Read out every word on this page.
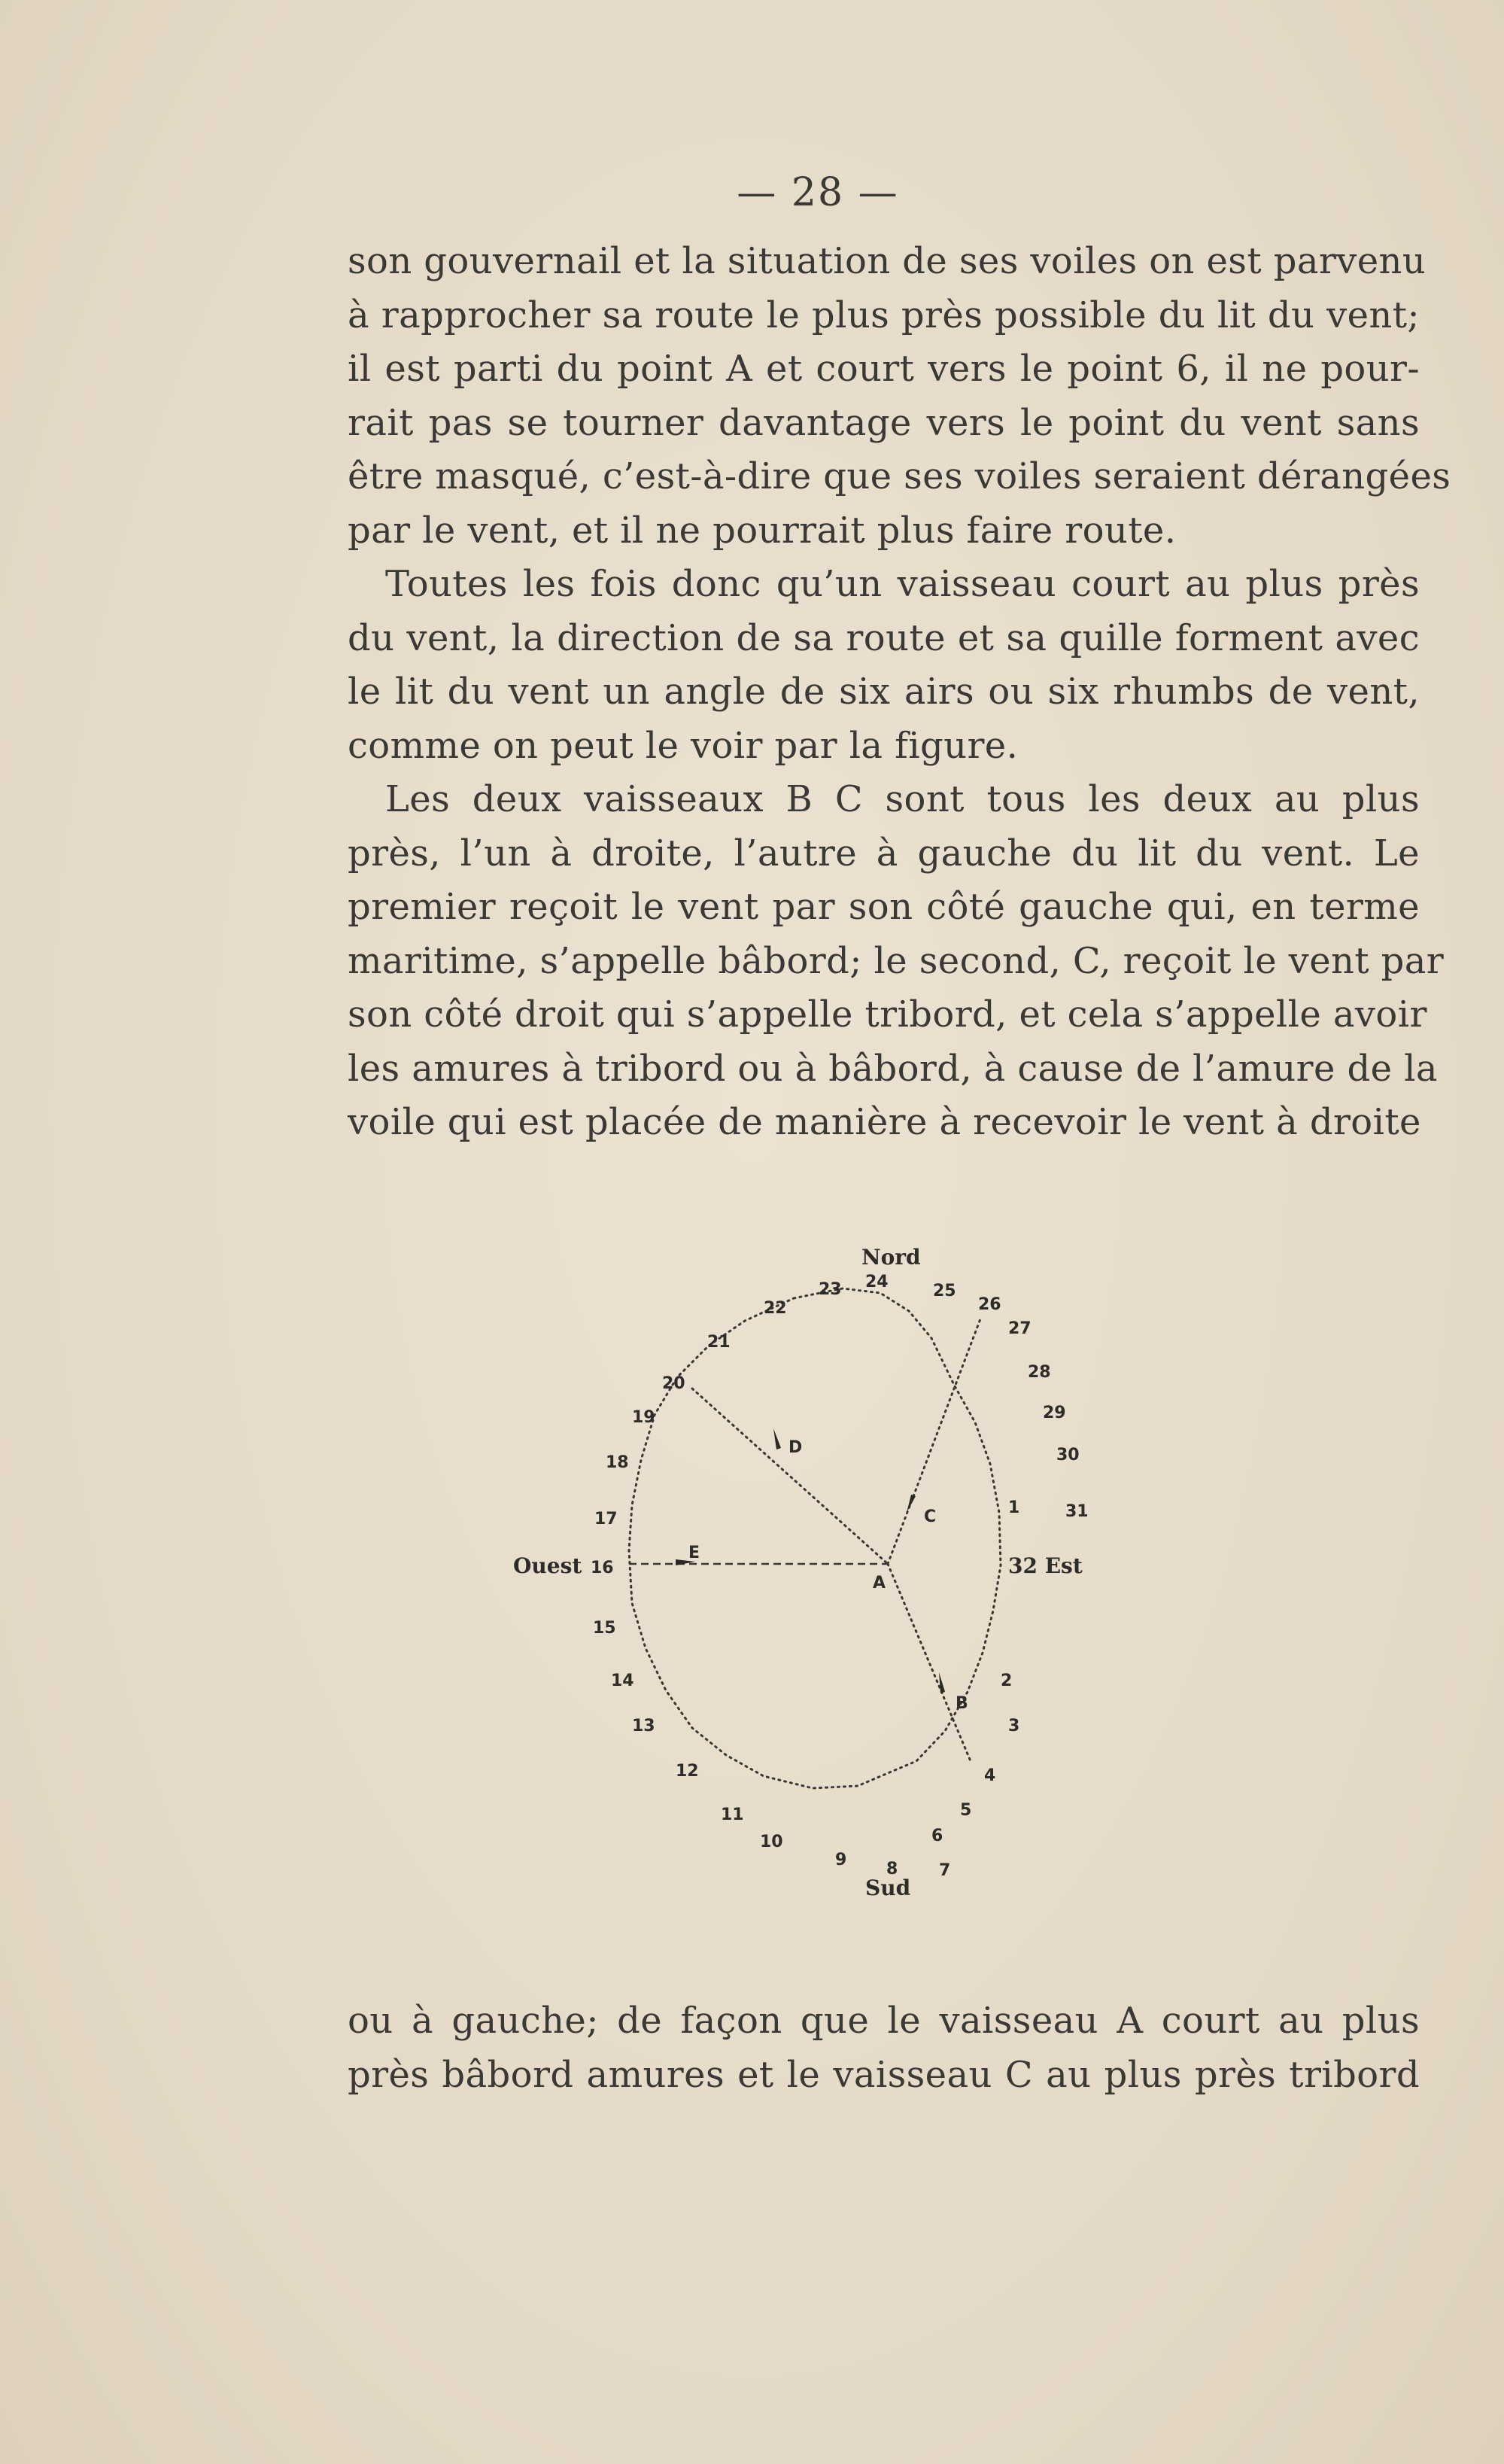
— 28 —
son gouvernail et la situation de ses voiles on est parvenu
à rapprocher sa route le plus près possible du lit du vent;
il est parti du point A et court vers le point 6, il ne pour-
rait pas se tourner davantage vers le point du vent sans
être masqué, c’est-à-dire que ses voiles seraient dérangées
par le vent, et il ne pourrait plus faire route.
Toutes les fois donc qu’un vaisseau court au plus près
du vent, la direction de sa route et sa quille forment avec
le lit du vent un angle de six airs ou six rhumbs de vent,
comme on peut le voir par la figure.
Les deux vaisseaux B C sont tous les deux au plus
près, l’un à droite, l’autre à gauche du lit du vent. Le
premier reçoit le vent par son côté gauche qui, en terme
maritime, s’appelle bâbord; le second, C, reçoit le vent par
son côté droit qui s’appelle tribord, et cela s’appelle avoir
les amures à tribord ou à bâbord, à cause de l’amure de la
voile qui est placée de manière à recevoir le vent à droite
Nord
Sud
32 Est
Ouest
A
B
C
D
E
1
2
3
4
5
6
7
8
9
10
11
12
13
14
15
16
17
18
19
20
21
22
23 24	25
26
27
28
29
30
31
ou à gauche; de façon que le vaisseau A court au plus
près bâbord amures et le vaisseau C au plus près tribord
